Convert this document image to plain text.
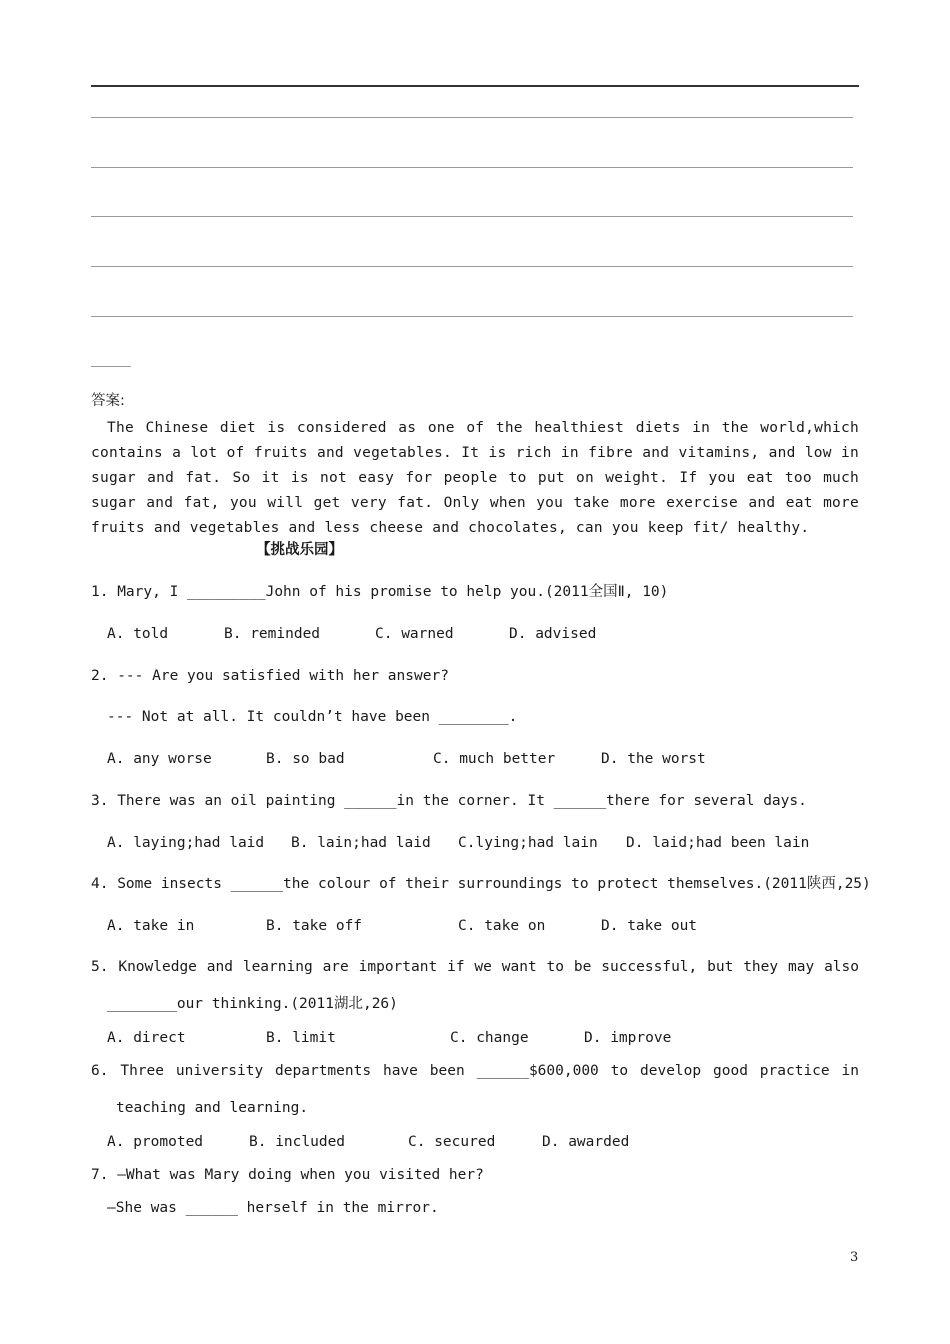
答案:

The Chinese diet is considered as one of the healthiest diets in the world,which contains a lot of fruits and vegetables. It is rich in fibre and vitamins, and low in sugar and fat. So it is not easy for people to put on weight. If you eat too much sugar and fat, you will get very fat. Only when you take more exercise and eat more fruits and vegetables and less cheese and chocolates, can you keep fit/ healthy.

【挑战乐园】
1. Mary, I _________John of his promise to help you.(2011全国Ⅱ, 10)
A. told	B. reminded	C. warned	D. advised
2. --- Are you satisfied with her answer?
--- Not at all. It couldn’t have been ________.
A. any worse	B. so bad	C. much better	D. the worst
3. There was an oil painting ______in the corner. It ______there for several days.
A. laying;had laid B. lain;had laid C.lying;had lain D. laid;had been lain
4. Some insects ______the colour of their surroundings to protect themselves.(2011陕西,25)
A. take in	B. take off	C. take on	D. take out
5. Knowledge and learning are important if we want to be successful, but they may also
________our thinking.(2011湖北,26)
A. direct	B. limit	C. change	D. improve
6. Three university departments have been ______$600,000 to develop good practice in
teaching and learning.
A. promoted	B. included	C. secured	D. awarded
7. —What was Mary doing when you visited her?
—She was ______ herself in the mirror.
3
